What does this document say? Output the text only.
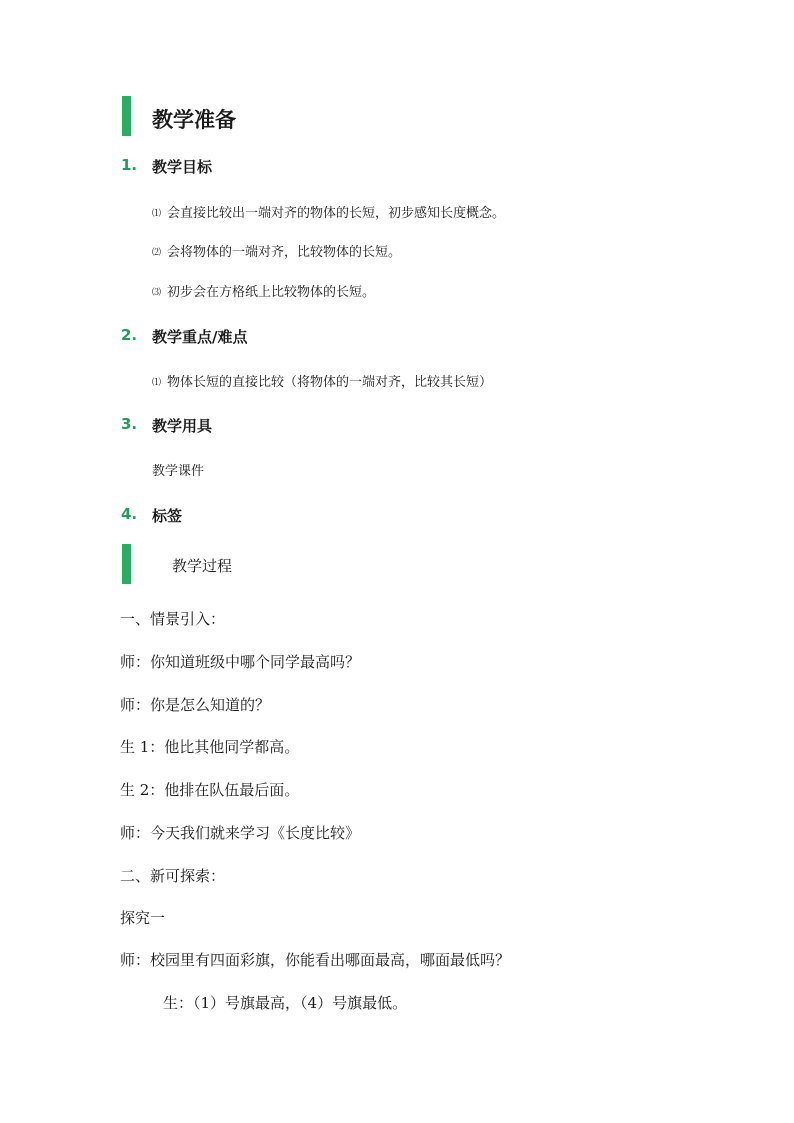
教学准备
1. 教学目标
⑴ 会直接比较出一端对齐的物体的长短，初步感知长度概念。
⑵ 会将物体的一端对齐，比较物体的长短。
⑶ 初步会在方格纸上比较物体的长短。
2. 教学重点/难点
⑴ 物体长短的直接比较（将物体的一端对齐，比较其长短）
3. 教学用具
教学课件
4. 标签
教学过程
一、情景引入：
师：你知道班级中哪个同学最高吗？
师：你是怎么知道的？
生 1：他比其他同学都高。
生 2：他排在队伍最后面。
师：今天我们就来学习《长度比较》
二、新可探索：
探究一
师：校园里有四面彩旗，你能看出哪面最高，哪面最低吗？
生：（1）号旗最高，（4）号旗最低。
